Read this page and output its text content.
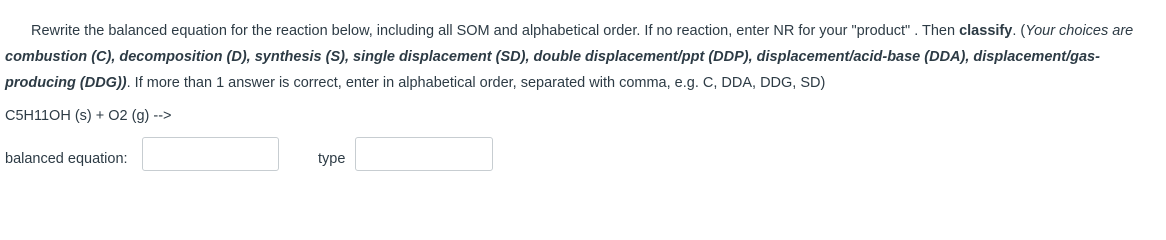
Rewrite the balanced equation for the reaction below, including all SOM and alphabetical order. If no reaction, enter NR for your "product" . Then classify. (Your choices are combustion (C), decomposition (D), synthesis (S), single displacement (SD), double displacement/ppt (DDP), displacement/acid-base (DDA), displacement/gas-producing (DDG)). If more than 1 answer is correct, enter in alphabetical order, separated with comma, e.g. C, DDA, DDG, SD)
C5H11OH (s) + O2 (g) -->
balanced equation:	type
